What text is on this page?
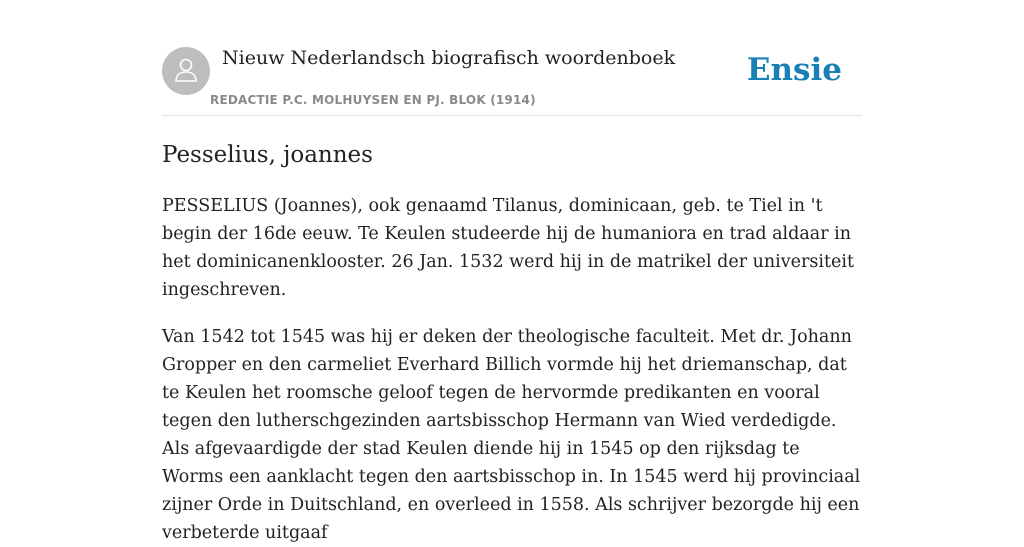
Nieuw Nederlandsch biografisch woordenboek
REDACTIE P.C. MOLHUYSEN EN PJ. BLOK (1914)
Ensie
Pesselius, joannes

PESSELIUS (Joannes), ook genaamd Tilanus, dominicaan, geb. te Tiel in 't begin der 16de eeuw. Te Keulen studeerde hij de humaniora en trad aldaar in het dominicanenklooster. 26 Jan. 1532 werd hij in de matrikel der universiteit ingeschreven.

Van 1542 tot 1545 was hij er deken der theologische faculteit. Met dr. Johann Gropper en den carmeliet Everhard Billich vormde hij het driemanschap, dat te Keulen het roomsche geloof tegen de hervormde predikanten en vooral tegen den lutherschgezinden aartsbisschop Hermann van Wied verdedigde. Als afgevaardigde der stad Keulen diende hij in 1545 op den rijksdag te Worms een aanklacht tegen den aartsbisschop in. In 1545 werd hij provinciaal zijner Orde in Duitschland, en overleed in 1558. Als schrijver bezorgde hij een verbeterde uitgaaf
